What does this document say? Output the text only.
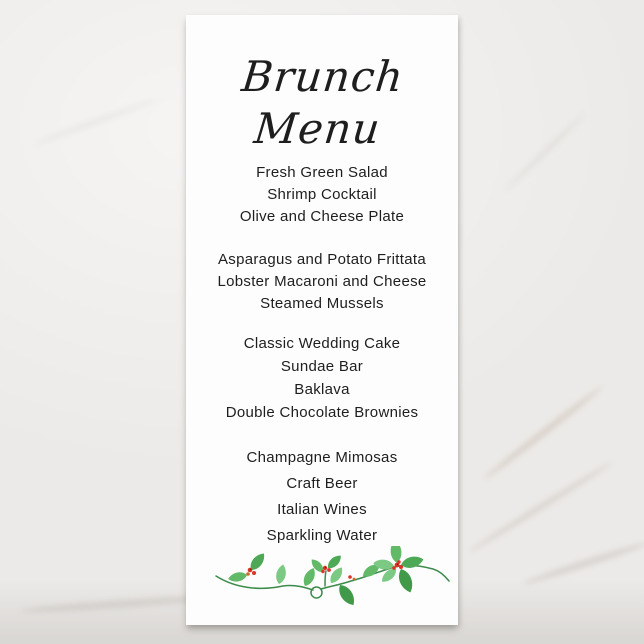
Brunch
Menu
Fresh Green Salad
Shrimp Cocktail
Olive and Cheese Plate
Asparagus and Potato Frittata
Lobster Macaroni and Cheese
Steamed Mussels
Classic Wedding Cake
Sundae Bar
Baklava
Double Chocolate Brownies
Champagne Mimosas
Craft Beer
Italian Wines
Sparkling Water
